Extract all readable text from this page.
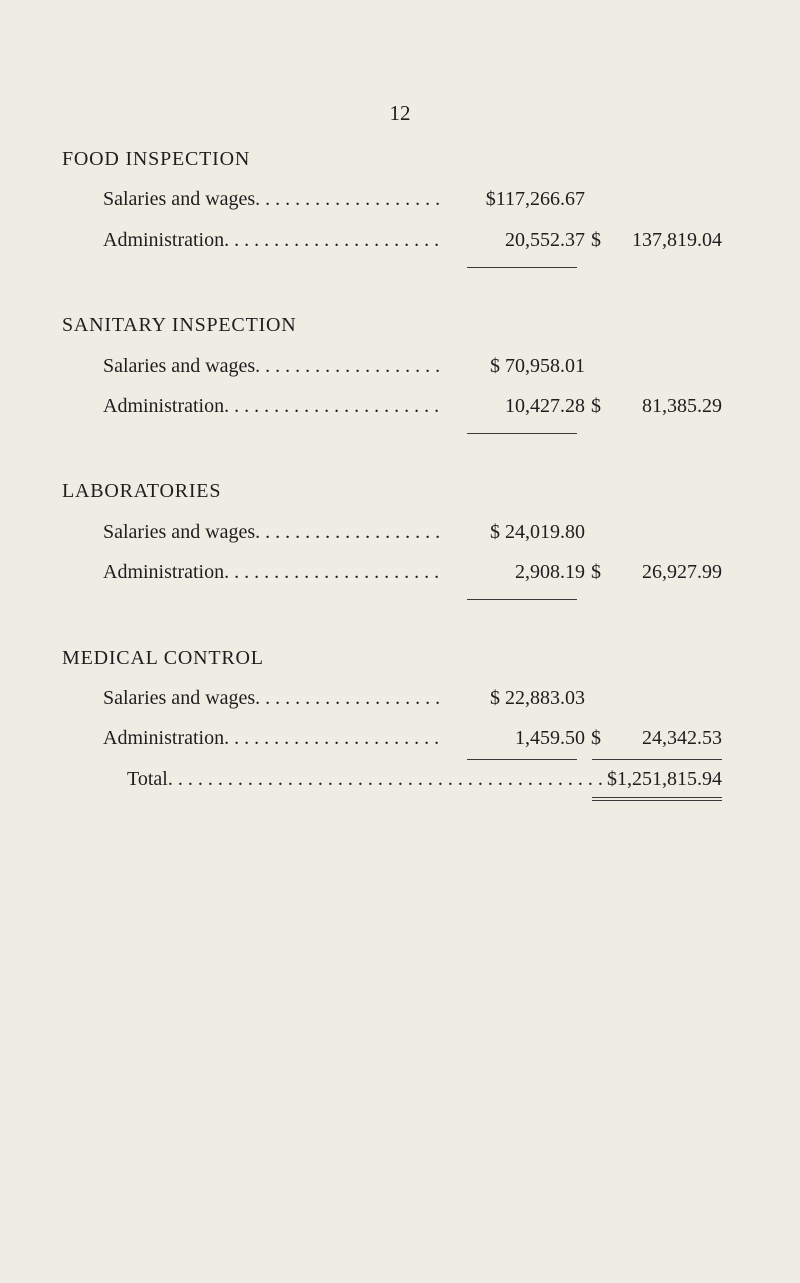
12
FOOD INSPECTION
Salaries and wages . . .	$117,266.67
Administration . . .	20,552.37 $	137,819.04
SANITARY INSPECTION
Salaries and wages . . .	$ 70,958.01
Administration . . .	10,427.28 $	81,385.29
LABORATORIES
Salaries and wages . . .	$ 24,019.80
Administration . . .	2,908.19 $	26,927.99
MEDICAL CONTROL
Salaries and wages . . .	$ 22,883.03
Administration . . .	1,459.50 $	24,342.53
Total . . .	$1,251,815.94
